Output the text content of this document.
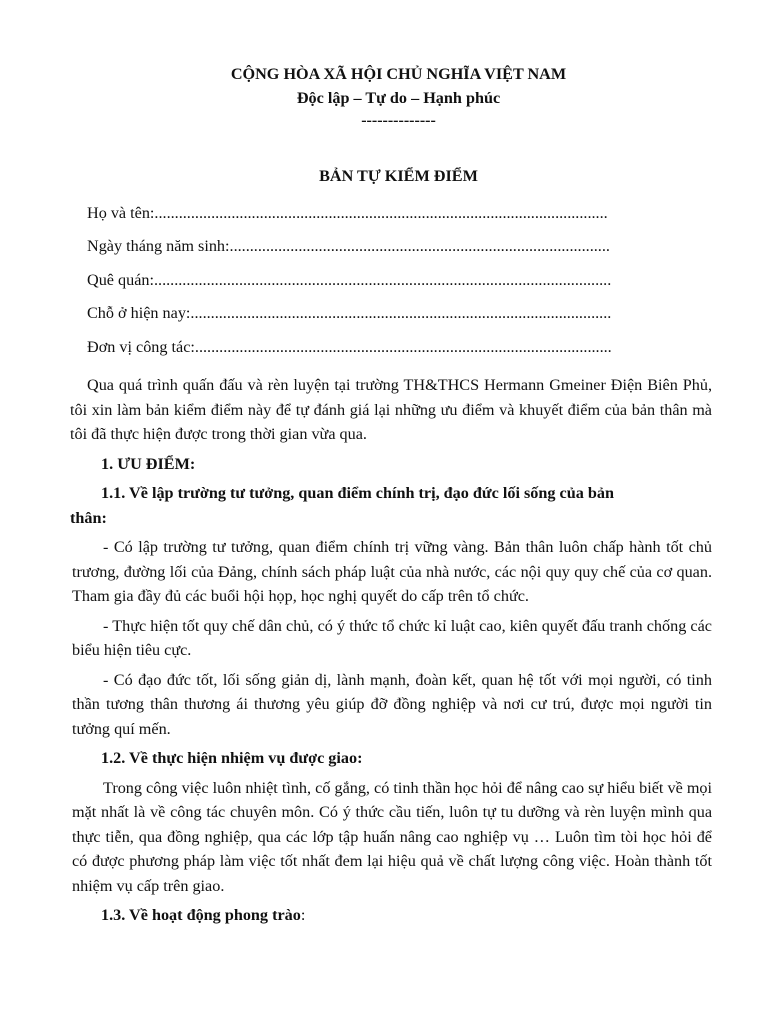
CỘNG HÒA XÃ HỘI CHỦ NGHĨA VIỆT NAM
Độc lập – Tự do – Hạnh phúc
--------------
BẢN TỰ KIỂM ĐIỂM
Họ và tên:................................................................................................................
Ngày tháng năm sinh:..............................................................................................
Quê quán:.................................................................................................................
Chỗ ở hiện nay:........................................................................................................
Đơn vị công tác:.......................................................................................................

Qua quá trình quấn đấu và rèn luyện tại trường TH&THCS Hermann Gmeiner Điện Biên Phủ, tôi xin làm bản kiểm điểm này để tự đánh giá lại những ưu điểm và khuyết điểm của bản thân mà tôi đã thực hiện được trong thời gian vừa qua.

1. ƯU ĐIỂM:
1.1. Về lập trường tư tưởng, quan điểm chính trị, đạo đức lối sống của bản
thân:

- Có lập trường tư tưởng, quan điểm chính trị vững vàng. Bản thân luôn chấp hành tốt chủ trương, đường lối của Đảng, chính sách pháp luật của nhà nước, các nội quy quy chế của cơ quan. Tham gia đầy đủ các buổi hội họp, học nghị quyết do cấp trên tổ chức.

- Thực hiện tốt quy chế dân chủ, có ý thức tổ chức kỉ luật cao, kiên quyết đấu tranh chống các biểu hiện tiêu cực.

- Có đạo đức tốt, lối sống giản dị, lành mạnh, đoàn kết, quan hệ tốt với mọi người, có tinh thần tương thân thương ái thương yêu giúp đỡ đồng nghiệp và nơi cư trú, được mọi người tin tưởng quí mến.

1.2. Về thực hiện nhiệm vụ được giao:

Trong công việc luôn nhiệt tình, cố gắng, có tinh thần học hỏi để nâng cao sự hiểu biết về mọi mặt nhất là về công tác chuyên môn. Có ý thức cầu tiến, luôn tự tu dưỡng và rèn luyện mình qua thực tiễn, qua đồng nghiệp, qua các lớp tập huấn nâng cao nghiệp vụ … Luôn tìm tòi học hỏi để có được phương pháp làm việc tốt nhất đem lại hiệu quả về chất lượng công việc. Hoàn thành tốt nhiệm vụ cấp trên giao.

1.3. Về hoạt động phong trào:
